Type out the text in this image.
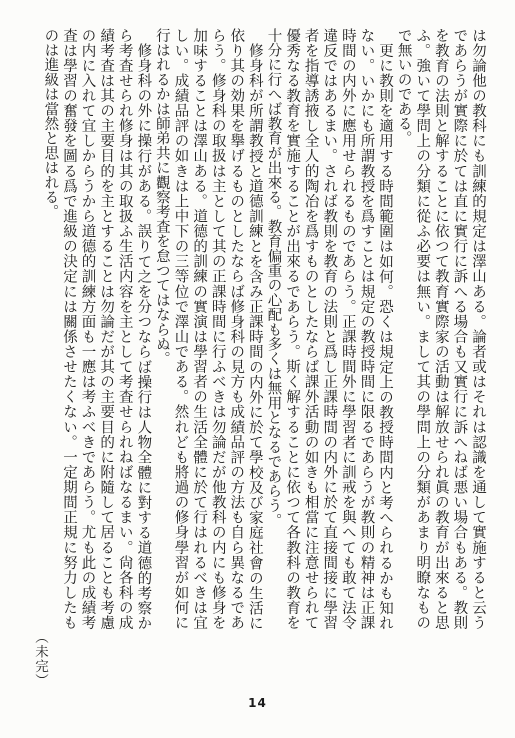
は勿論他の教科にも訓練的規定は澤山ある。論者或はそれは認識を通して實施すると云うであらうが實際に於ては直に實行に訴へる場合も又實行に訴へねば悪い場合もある。教則を教育の法則と解することに依つて教育實際家の活動は解放せられ眞の教育が出來ると思ふ。強いて學問上の分類に從ふ必要は無い。まして其の學問上の分類があまり明瞭なもので無いのである。

更に教則を適用する時間範圍は如何。恐くは規定上の教授時間内と考へられるかも知れない。いかにも所謂教授を爲すことは規定の教授時間に限るであらうが教則の精神は正課時間の内外に應用せられるものであらう。正課時間外に學習者に訓戒を與へても敢て法令違反ではあるまい。されば教則を教育の法則と爲し正課時間の内外に於て直接間接に學習者を指導誘掖し全人的陶冶を爲すものとしたならば課外活動の如きも相當に注意せられて優秀なる教育を實施することが出來るであらう。斯く解することに依つて各教科の教育を十分に行へば教育が出來る。教育偏重の心配も多くは無用となるであらう。

修身科が所謂教授と道德訓練とを含み正課時間の内外に於て學校及び家庭社會の生活に依り其の効果を擧げるものとしたならば修身科の見方も成績品評の方法も自ら異なるであらう。修身科の取扱は主として其の正課時間に行ふべきは勿論だが他教科の内にも修身を加味することは澤山ある。道德的訓練の實演は學習者の生活全體に於て行はれるべきは宜しい。成績品評の如きは上中下の三等位で澤山である。然れども將過の修身學習が如何に行はれるかは師弟共に觀察考査を怠つてはならぬ。

修身科の外に操行がある。誤りて之を分つならば操行は人物全體に對する道德的考察から考査せられ修身は其の取扱ふ生活内容を主として考査せられねばなるまい。尙各科の成績考査は其の主要目的を主とすることは勿論だが其の主要目的に附隨して居ることも考慮の内に入れて宜しからうから道德的訓練方面も一應は考ふべきであらう。尤も此の成績考査は學習の奮發を圖る爲で進級の決定には關係させたくない。一定期間正規に努力したものは進級は當然と思はれる。

（未完）
14
